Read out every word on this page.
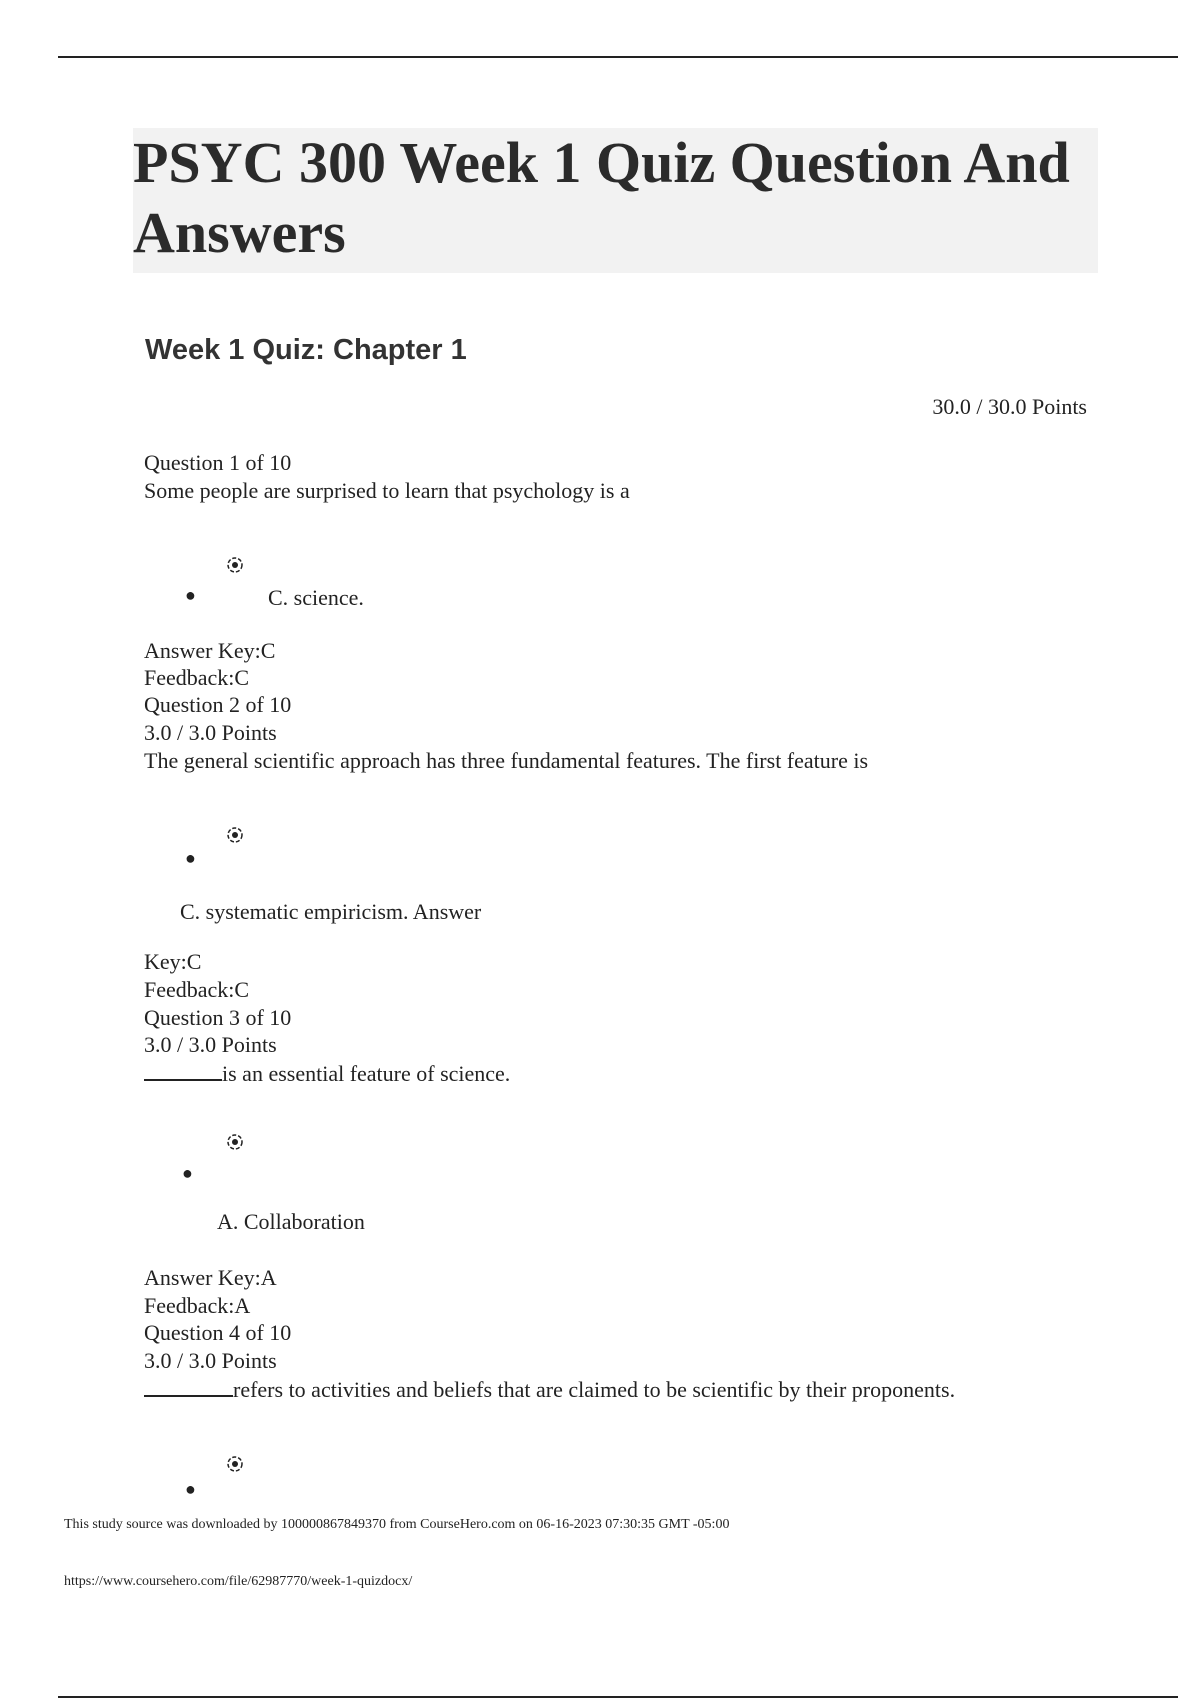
PSYC 300 Week 1 Quiz Question And Answers
Week 1 Quiz: Chapter 1
30.0 / 30.0 Points
Question 1 of 10
Some people are surprised to learn that psychology is a
●	C. science.
Answer Key:C
Feedback:C
Question 2 of 10
3.0 / 3.0 Points
The general scientific approach has three fundamental features. The first feature is
●
C. systematic empiricism. Answer
Key:C
Feedback:C
Question 3 of 10
3.0 / 3.0 Points
is an essential feature of science.
●
A. Collaboration
Answer Key:A
Feedback:A
Question 4 of 10
3.0 / 3.0 Points
refers to activities and beliefs that are claimed to be scientific by their proponents.
●
This study source was downloaded by 100000867849370 from CourseHero.com on 06-16-2023 07:30:35 GMT -05:00
https://www.coursehero.com/file/62987770/week-1-quizdocx/
